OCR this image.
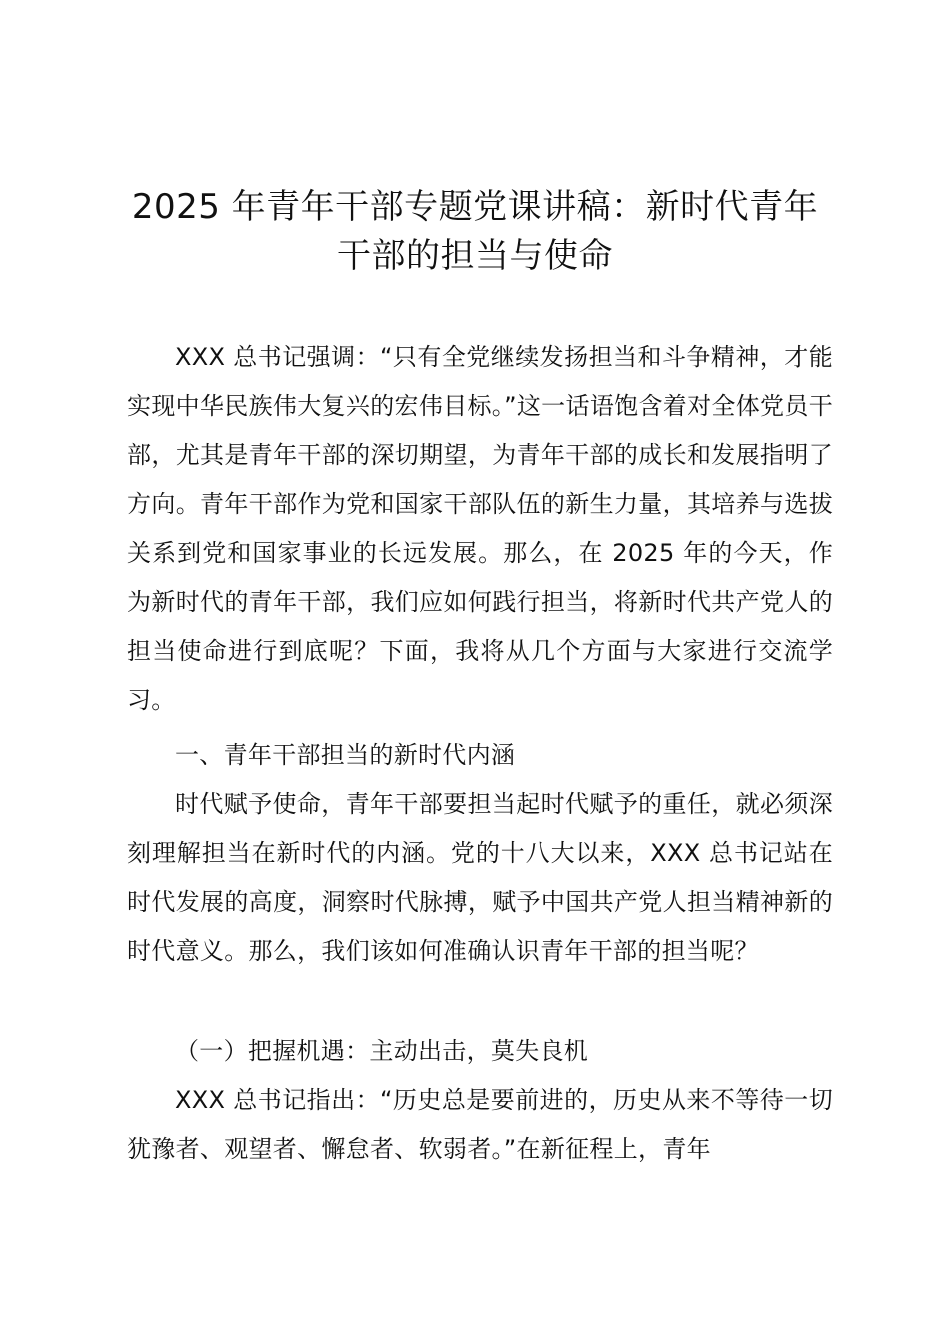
2025 年青年干部专题党课讲稿：新时代青年
干部的担当与使命

XXX 总书记强调：“只有全党继续发扬担当和斗争精神，才能实现中华民族伟大复兴的宏伟目标。”这一话语饱含着对全体党员干部，尤其是青年干部的深切期望，为青年干部的成长和发展指明了方向。青年干部作为党和国家干部队伍的新生力量，其培养与选拔关系到党和国家事业的长远发展。那么，在 2025 年的今天，作为新时代的青年干部，我们应如何践行担当，将新时代共产党人的担当使命进行到底呢？下面，我将从几个方面与大家进行交流学习。

一、青年干部担当的新时代内涵

时代赋予使命，青年干部要担当起时代赋予的重任，就必须深刻理解担当在新时代的内涵。党的十八大以来，XXX 总书记站在时代发展的高度，洞察时代脉搏，赋予中国共产党人担当精神新的时代意义。那么，我们该如何准确认识青年干部的担当呢？

（一）把握机遇：主动出击，莫失良机

XXX 总书记指出：“历史总是要前进的，历史从来不等待一切犹豫者、观望者、懈怠者、软弱者。”在新征程上，青年
